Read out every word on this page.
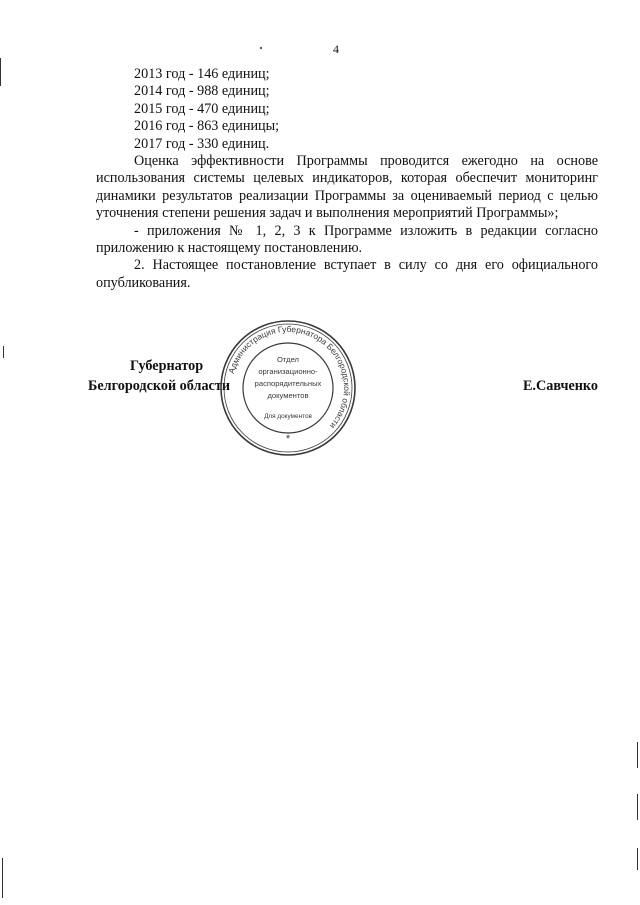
4
2013 год - 146 единиц;
2014 год - 988 единиц;
2015 год - 470 единиц;
2016 год - 863 единицы;
2017 год - 330 единиц.
Оценка эффективности Программы проводится ежегодно на основе использования системы целевых индикаторов, которая обеспечит мониторинг динамики результатов реализации Программы за оцениваемый период с целью уточнения степени решения задач и выполнения мероприятий Программы»;
- приложения № 1, 2, 3 к Программе изложить в редакции согласно приложению к настоящему постановлению.
2. Настоящее постановление вступает в силу со дня его официального опубликования.
Губернатор
Белгородской области	Е.Савченко
Администрация Губернатора Белгородской области
Отдел
организационно-
распорядительных
документов
Для документов
*
